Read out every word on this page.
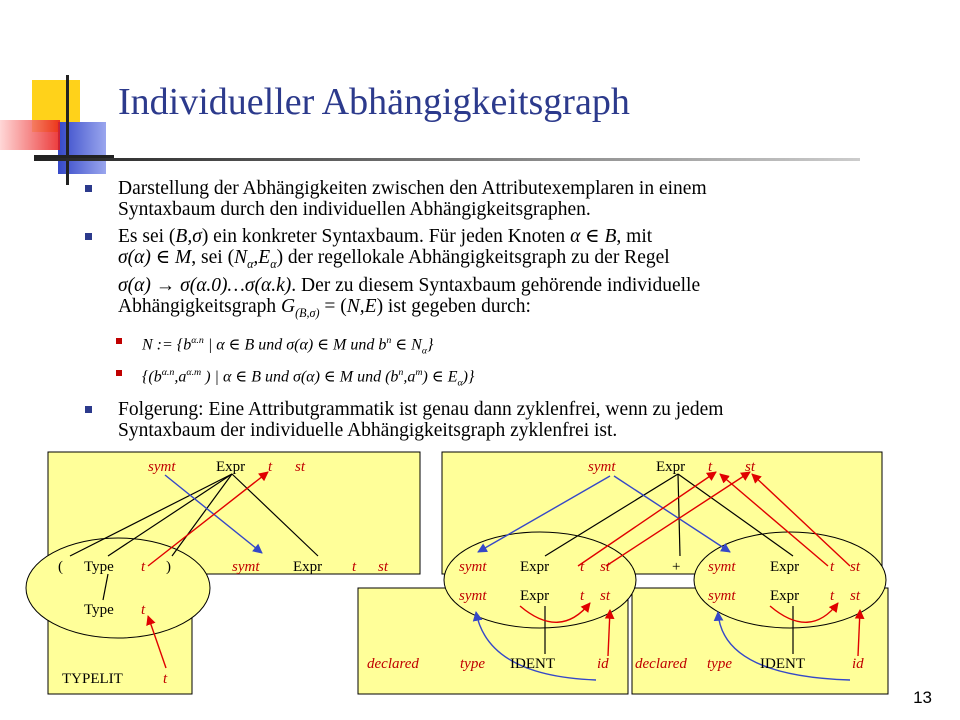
Individueller Abhängigkeitsgraph
Darstellung der Abhängigkeiten zwischen den Attributexemplaren in einem
Syntaxbaum durch den individuellen Abhängigkeitsgraphen.
Es sei (B,σ) ein konkreter Syntaxbaum. Für jeden Knoten α ∈ B, mit
σ(α) ∈ M, sei $(N_\alpha,E_\alpha)$ der regellokale Abhängigkeitsgraph zu der Regel
σ(α) → σ(α.0)…σ(α.k). Der zu diesem Syntaxbaum gehörende individuelle
Abhängigkeitsgraph $G_{(B,\sigma)} = (N,E)$ ist gegeben durch:
N := {$b^{\alpha.n}$ | α ∈ B und σ(α) ∈ M und $b^n$ ∈ $N_\alpha$}
{($b^{\alpha.n},a^{\alpha.m}$ ) | α ∈ B und σ(α) ∈ M und $(b^n,a^m)$ ∈ $E_\alpha$)}
Folgerung: Eine Attributgrammatik ist genau dann zyklenfrei, wenn zu jedem
Syntaxbaum der individuelle Abhängigkeitsgraph zyklenfrei ist.
symt	Expr t st
( Type t )	symt Expr t st
Type t
TYPELIT	t
symt	Expr t st
symt Expr t st	+ symt Expr t st
symt Expr t st	symt Expr t st
declared	type IDENT	id declared type IDENT	id
13
